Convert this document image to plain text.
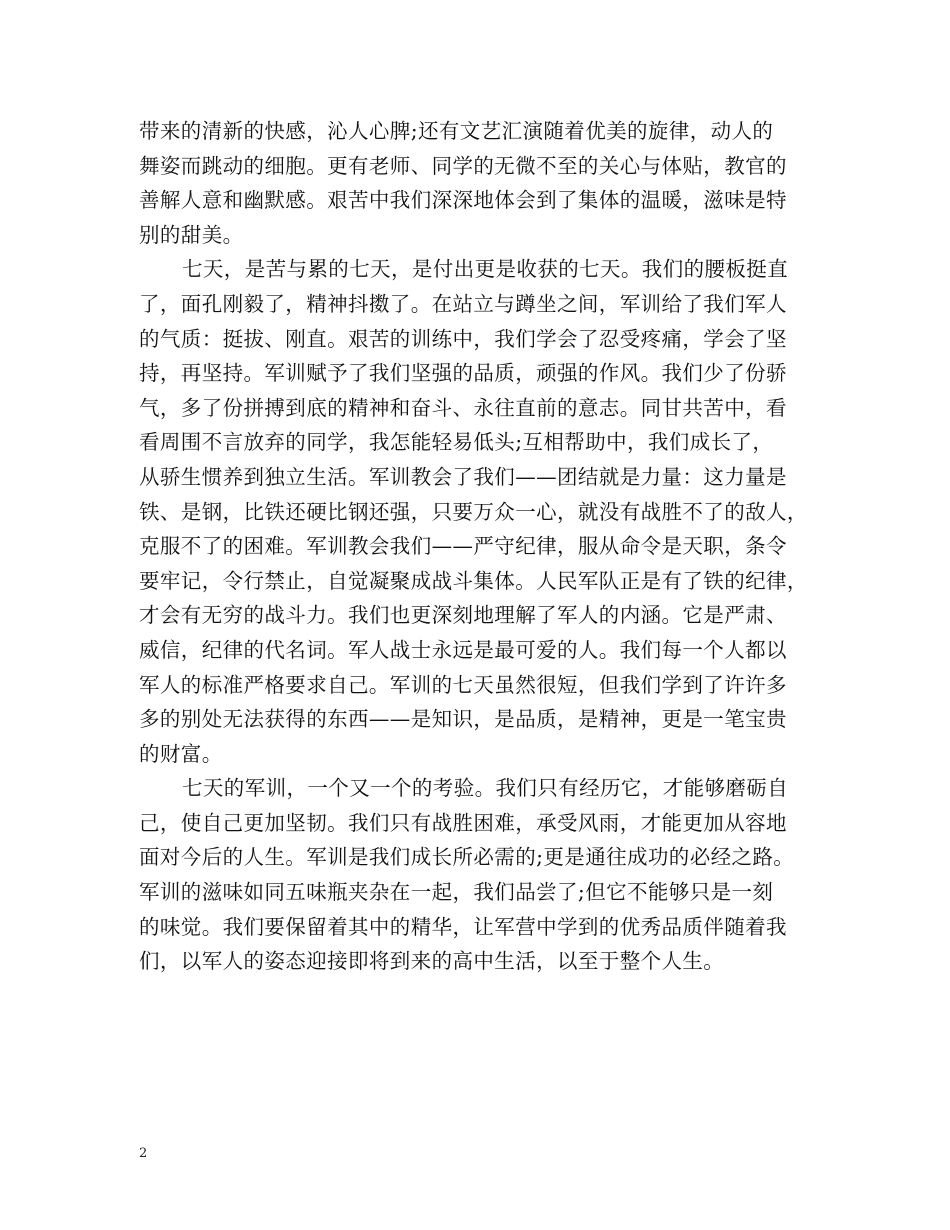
带来的清新的快感，沁人心脾;还有文艺汇演随着优美的旋律，动人的
舞姿而跳动的细胞。更有老师、同学的无微不至的关心与体贴，教官的
善解人意和幽默感。艰苦中我们深深地体会到了集体的温暖，滋味是特
别的甜美。
七天，是苦与累的七天，是付出更是收获的七天。我们的腰板挺直
了，面孔刚毅了，精神抖擞了。在站立与蹲坐之间，军训给了我们军人
的气质：挺拔、刚直。艰苦的训练中，我们学会了忍受疼痛，学会了坚
持，再坚持。军训赋予了我们坚强的品质，顽强的作风。我们少了份骄
气，多了份拼搏到底的精神和奋斗、永往直前的意志。同甘共苦中，看
看周围不言放弃的同学，我怎能轻易低头;互相帮助中，我们成长了，
从骄生惯养到独立生活。军训教会了我们——团结就是力量：这力量是
铁、是钢，比铁还硬比钢还强，只要万众一心，就没有战胜不了的敌人，
克服不了的困难。军训教会我们——严守纪律，服从命令是天职，条令
要牢记，令行禁止，自觉凝聚成战斗集体。人民军队正是有了铁的纪律，
才会有无穷的战斗力。我们也更深刻地理解了军人的内涵。它是严肃、
威信，纪律的代名词。军人战士永远是最可爱的人。我们每一个人都以
军人的标准严格要求自己。军训的七天虽然很短，但我们学到了许许多
多的别处无法获得的东西——是知识，是品质，是精神，更是一笔宝贵
的财富。
七天的军训，一个又一个的考验。我们只有经历它，才能够磨砺自
己，使自己更加坚韧。我们只有战胜困难，承受风雨，才能更加从容地
面对今后的人生。军训是我们成长所必需的;更是通往成功的必经之路。
军训的滋味如同五味瓶夹杂在一起，我们品尝了;但它不能够只是一刻
的味觉。我们要保留着其中的精华，让军营中学到的优秀品质伴随着我
们，以军人的姿态迎接即将到来的高中生活，以至于整个人生。
2
